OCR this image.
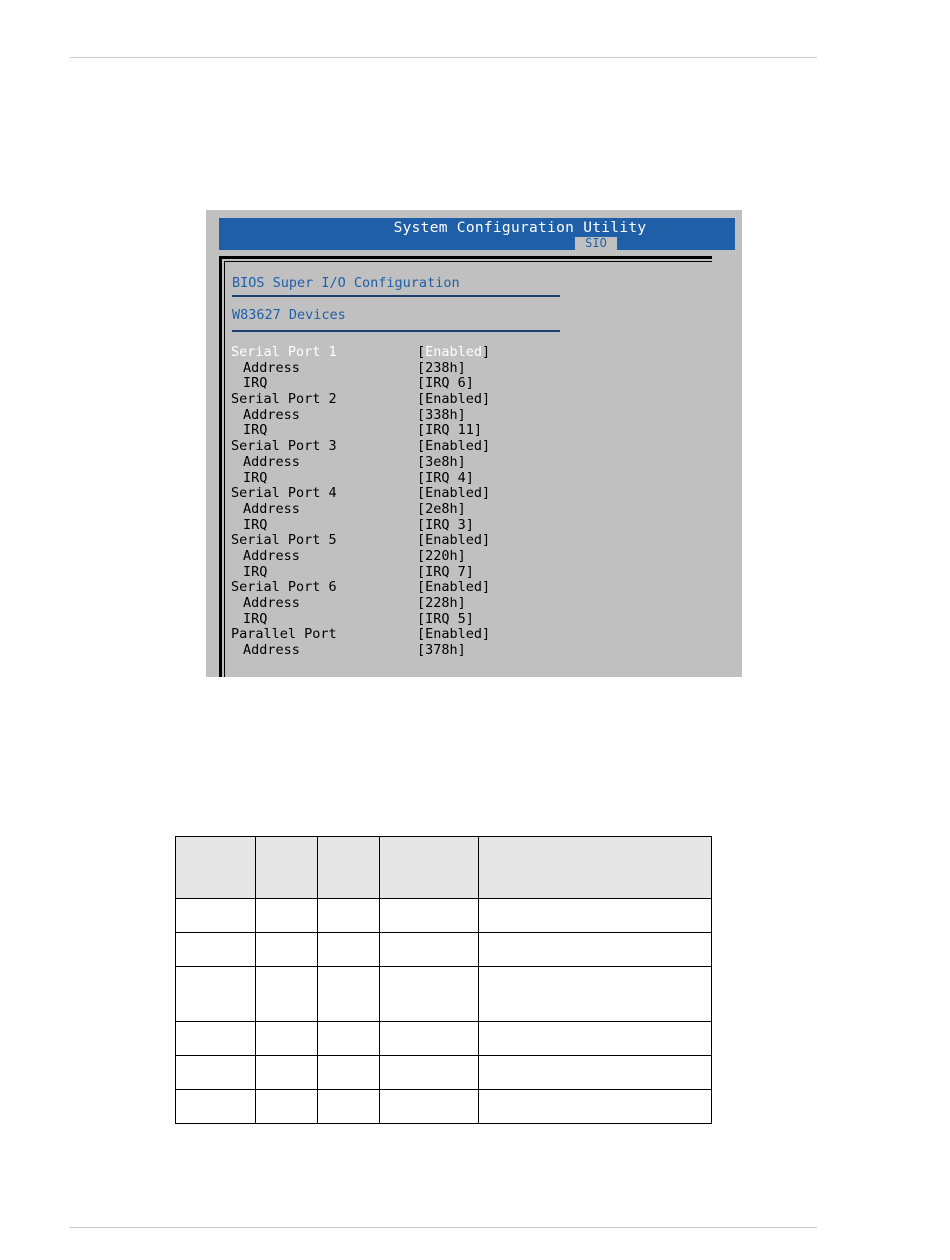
System Configuration Utility
SIO
BIOS Super I/O Configuration
W83627 Devices
Serial Port 1	[Enabled]
Address	[238h]
IRQ	[IRQ 6]
Serial Port 2	[Enabled]
Address	[338h]
IRQ	[IRQ 11]
Serial Port 3	[Enabled]
Address	[3e8h]
IRQ	[IRQ 4]
Serial Port 4	[Enabled]
Address	[2e8h]
IRQ	[IRQ 3]
Serial Port 5	[Enabled]
Address	[220h]
IRQ	[IRQ 7]
Serial Port 6	[Enabled]
Address	[228h]
IRQ	[IRQ 5]
Parallel Port	[Enabled]
Address	[378h]
